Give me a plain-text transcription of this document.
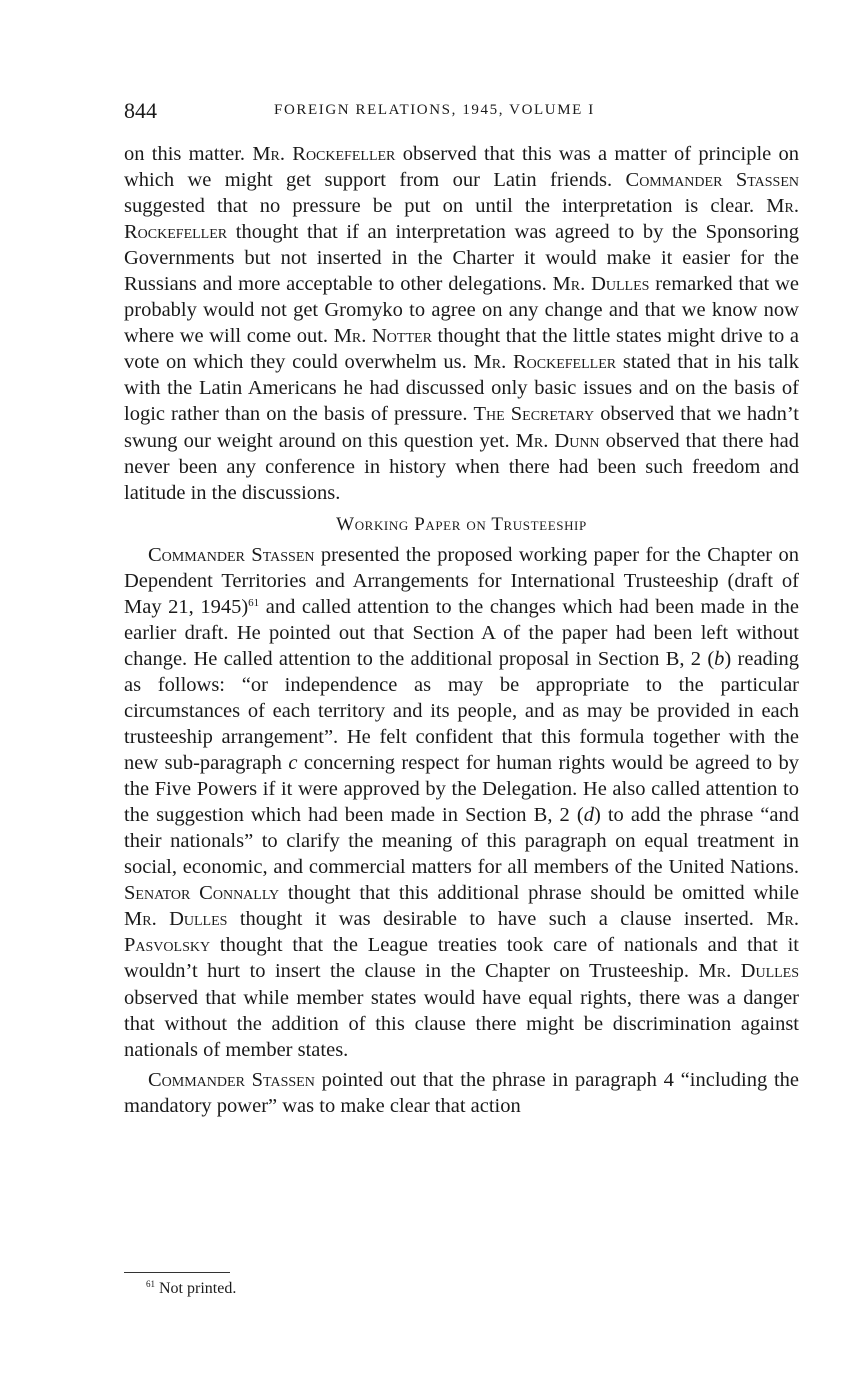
844	FOREIGN RELATIONS, 1945, VOLUME I

on this matter. Mr. Rockefeller observed that this was a matter of principle on which we might get support from our Latin friends. Commander Stassen suggested that no pressure be put on until the interpretation is clear. Mr. Rockefeller thought that if an interpretation was agreed to by the Sponsoring Governments but not inserted in the Charter it would make it easier for the Russians and more acceptable to other delegations. Mr. Dulles remarked that we probably would not get Gromyko to agree on any change and that we know now where we will come out. Mr. Notter thought that the little states might drive to a vote on which they could overwhelm us. Mr. Rockefeller stated that in his talk with the Latin Americans he had discussed only basic issues and on the basis of logic rather than on the basis of pressure. The Secretary observed that we hadn’t swung our weight around on this question yet. Mr. Dunn observed that there had never been any conference in history when there had been such freedom and latitude in the discussions.

Working Paper on Trusteeship

Commander Stassen presented the proposed working paper for the Chapter on Dependent Territories and Arrangements for International Trusteeship (draft of May 21, 1945)$^{61}$ and called attention to the changes which had been made in the earlier draft. He pointed out that Section A of the paper had been left without change. He called attention to the additional proposal in Section B, 2 (b) reading as follows: “or independence as may be appropriate to the particular circumstances of each territory and its people, and as may be provided in each trusteeship arrangement”. He felt confident that this formula together with the new sub-paragraph c concerning respect for human rights would be agreed to by the Five Powers if it were approved by the Delegation. He also called attention to the suggestion which had been made in Section B, 2 (d) to add the phrase “and their nationals” to clarify the meaning of this paragraph on equal treatment in social, economic, and commercial matters for all members of the United Nations. Senator Connally thought that this additional phrase should be omitted while Mr. Dulles thought it was desirable to have such a clause inserted. Mr. Pasvolsky thought that the League treaties took care of nationals and that it wouldn’t hurt to insert the clause in the Chapter on Trusteeship. Mr. Dulles observed that while member states would have equal rights, there was a danger that without the addition of this clause there might be discrimination against nationals of member states.

Commander Stassen pointed out that the phrase in paragraph 4 “including the mandatory power” was to make clear that action

$^{61}$ Not printed.
